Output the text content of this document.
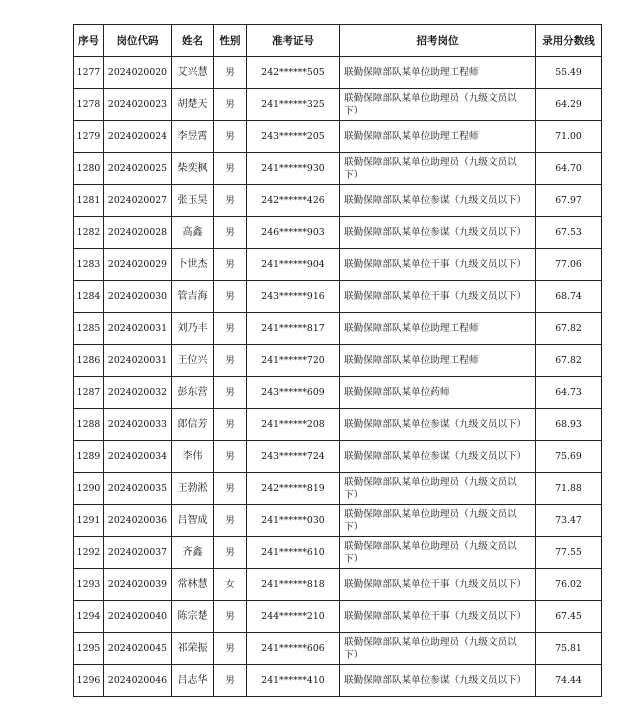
序号	岗位代码	姓名	性别	准考证号	招考岗位	录用分数线
1277	2024020020	艾兴慧	男	242******505	联勤保障部队某单位助理工程师	55.49
1278	2024020023	胡楚天	男	241******325	联勤保障部队某单位助理员（九级文员以下）	64.29
1279	2024020024	李昱霄	男	243******205	联勤保障部队某单位助理工程师	71.00
1280	2024020025	柴奕枫	男	241******930	联勤保障部队某单位助理员（九级文员以下）	64.70
1281	2024020027	张玉昊	男	242******426	联勤保障部队某单位参谋（九级文员以下）	67.97
1282	2024020028	高鑫	男	246******903	联勤保障部队某单位参谋（九级文员以下）	67.53
1283	2024020029	卜世杰	男	241******904	联勤保障部队某单位干事（九级文员以下）	77.06
1284	2024020030	管吉海	男	243******916	联勤保障部队某单位干事（九级文员以下）	68.74
1285	2024020031	刘乃丰	男	241******817	联勤保障部队某单位助理工程师	67.82
1286	2024020031	王位兴	男	241******720	联勤保障部队某单位助理工程师	67.82
1287	2024020032	彭东营	男	243******609	联勤保障部队某单位药师	64.73
1288	2024020033	郎信芳	男	241******208	联勤保障部队某单位参谋（九级文员以下）	68.93
1289	2024020034	李伟	男	243******724	联勤保障部队某单位参谋（九级文员以下）	75.69
1290	2024020035	王勃淞	男	242******819	联勤保障部队某单位助理员（九级文员以下）	71.88
1291	2024020036	吕智成	男	241******030	联勤保障部队某单位助理员（九级文员以下）	73.47
1292	2024020037	齐鑫	男	241******610	联勤保障部队某单位助理员（九级文员以下）	77.55
1293	2024020039	常林慧	女	241******818	联勤保障部队某单位干事（九级文员以下）	76.02
1294	2024020040	陈宗楚	男	244******210	联勤保障部队某单位干事（九级文员以下）	67.45
1295	2024020045	祁荣振	男	241******606	联勤保障部队某单位助理员（九级文员以下）	75.81
1296	2024020046	吕志华	男	241******410	联勤保障部队某单位参谋（九级文员以下）	74.44
